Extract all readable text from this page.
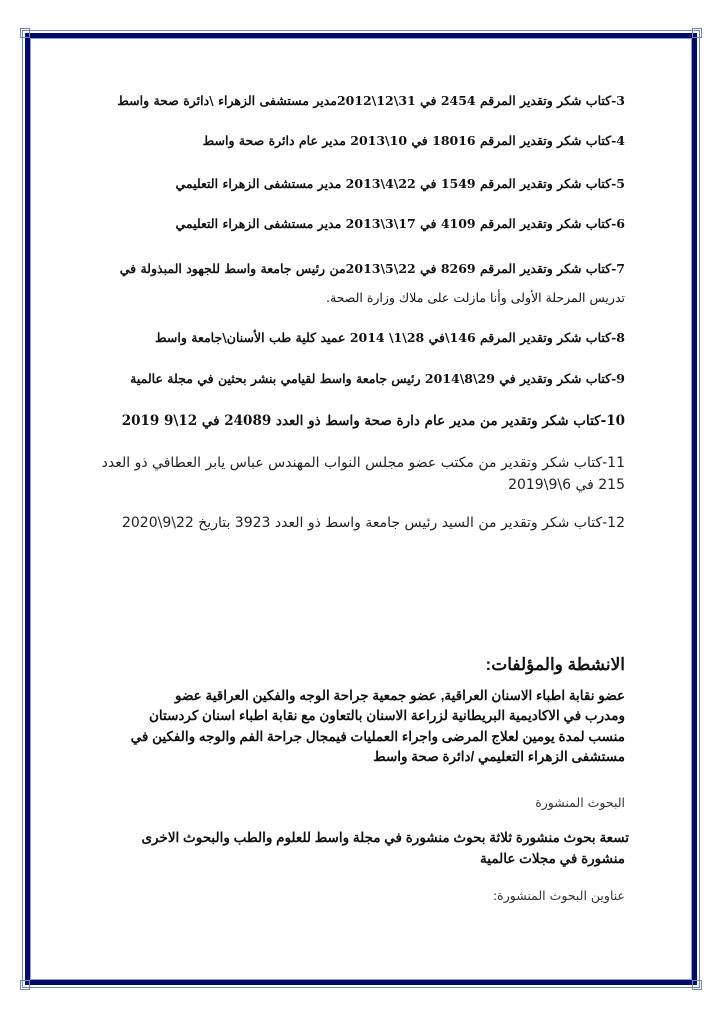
3-كتاب شكر وتقدير المرقم 2454 في 31\12\2012مدير مستشفى الزهراء \دائرة صحة واسط
4-كتاب شكر وتقدير المرقم 18016 في 10\2013 مدير عام دائرة صحة واسط
5-كتاب شكر وتقدير المرقم 1549 في 22\4\2013 مدير مستشفى الزهراء التعليمي
6-كتاب شكر وتقدير المرقم 4109 في 17\3\2013 مدير مستشفى الزهراء التعليمي
7-كتاب شكر وتقدير المرقم 8269 في 22\5\2013من رئيس جامعة واسط للجهود المبذولة في
تدريس المرحلة الأولى وأنا مازلت على ملاك وزارة الصحة.
8-كتاب شكر وتقدير المرقم 146\في 28\1\ 2014 عميد كلية طب الأسنان\جامعة واسط
9-كتاب شكر وتقدير في 29\8\2014 رئيس جامعة واسط لقيامي بنشر بحثين في مجلة عالمية
10-كتاب شكر وتقدير من مدير عام دارة صحة واسط ذو العدد 24089 في 12\9 2019
11-كتاب شكر وتقدير من مكتب عضو مجلس النواب المهندس عباس يابر العطافي ذو العدد
215 في 6\9\2019
12-كتاب شكر وتقدير من السيد رئيس جامعة واسط ذو العدد 3923 بتاريخ 22\9\2020
الانشطة والمؤلفات:
عضو نقابة اطباء الاسنان العراقية, عضو جمعية جراحة الوجه والفكين العراقية عضو
ومدرب في الاكاديمية البريطانية لزراعة الاسنان بالتعاون مع نقابة اطباء اسنان كردستان
منسب لمدة يومين لعلاج المرضى واجراء العمليات فيمجال جراحة الفم والوجه والفكين في
مستشفى الزهراء التعليمي /دائرة صحة واسط
البحوث المنشورة
تسعة بحوث منشورة ثلاثة بحوث منشورة في مجلة واسط للعلوم والطب والبحوث الاخرى
منشورة في مجلات عالمية
عناوين البحوث المنشورة:
